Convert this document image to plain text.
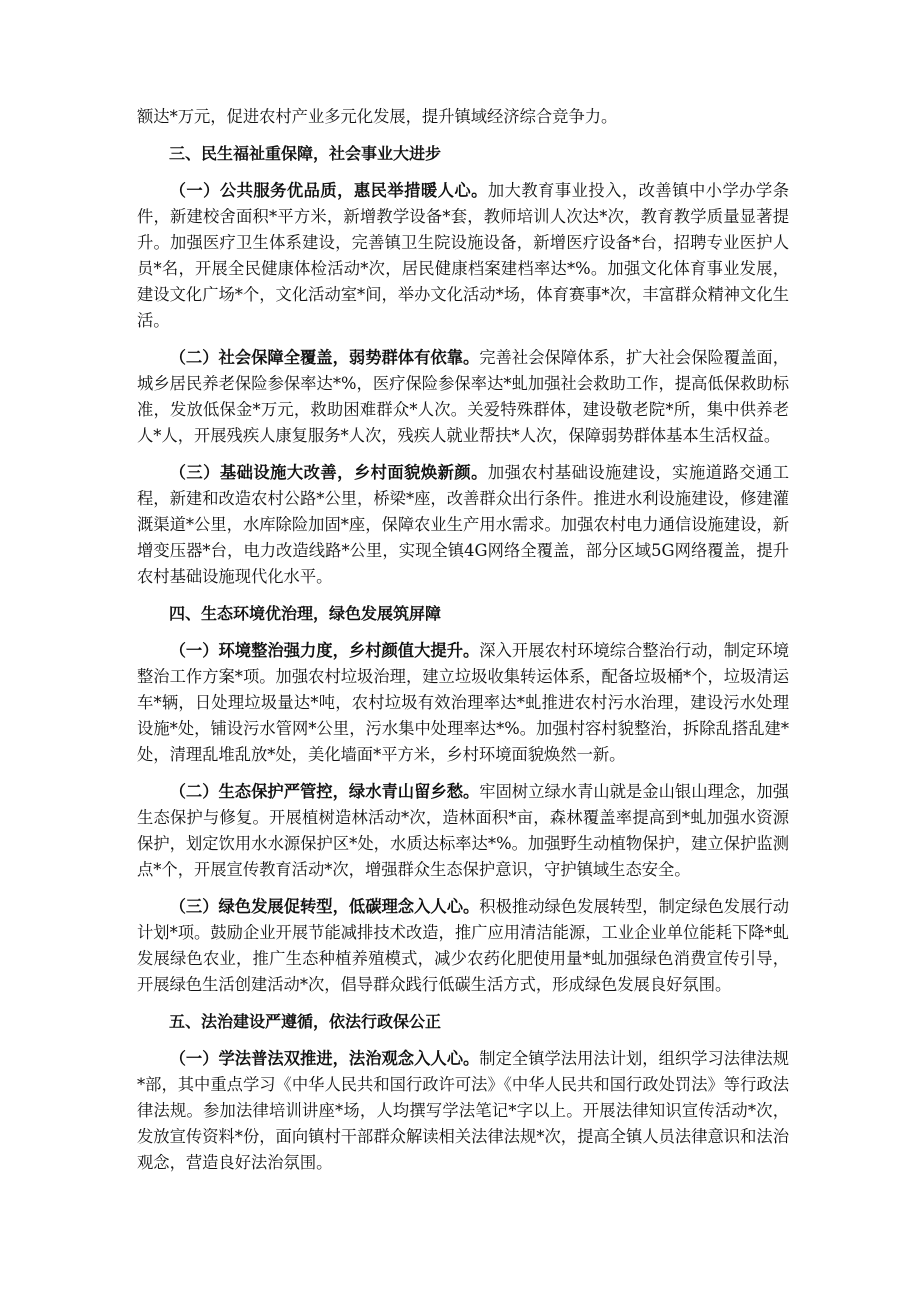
额达*万元，促进农村产业多元化发展，提升镇域经济综合竞争力。

三、民生福祉重保障，社会事业大进步

（一）公共服务优品质，惠民举措暖人心。加大教育事业投入，改善镇中小学办学条件，新建校舍面积*平方米，新增教学设备*套，教师培训人次达*次，教育教学质量显著提升。加强医疗卫生体系建设，完善镇卫生院设施设备，新增医疗设备*台，招聘专业医护人员*名，开展全民健康体检活动*次，居民健康档案建档率达*%。加强文化体育事业发展，建设文化广场*个，文化活动室*间，举办文化活动*场，体育赛事*次，丰富群众精神文化生活。

（二）社会保障全覆盖，弱势群体有依靠。完善社会保障体系，扩大社会保险覆盖面，城乡居民养老保险参保率达*%，医疗保险参保率达*虬加强社会救助工作，提高低保救助标准，发放低保金*万元，救助困难群众*人次。关爱特殊群体，建设敬老院*所，集中供养老人*人，开展残疾人康复服务*人次，残疾人就业帮扶*人次，保障弱势群体基本生活权益。

（三）基础设施大改善，乡村面貌焕新颜。加强农村基础设施建设，实施道路交通工程，新建和改造农村公路*公里，桥梁*座，改善群众出行条件。推进水利设施建设，修建灌溉渠道*公里，水库除险加固*座，保障农业生产用水需求。加强农村电力通信设施建设，新增变压器*台，电力改造线路*公里，实现全镇4G网络全覆盖，部分区域5G网络覆盖，提升农村基础设施现代化水平。

四、生态环境优治理，绿色发展筑屏障

（一）环境整治强力度，乡村颜值大提升。深入开展农村环境综合整治行动，制定环境整治工作方案*项。加强农村垃圾治理，建立垃圾收集转运体系，配备垃圾桶*个，垃圾清运车*辆，日处理垃圾量达*吨，农村垃圾有效治理率达*虬推进农村污水治理，建设污水处理设施*处，铺设污水管网*公里，污水集中处理率达*%。加强村容村貌整治，拆除乱搭乱建*处，清理乱堆乱放*处，美化墙面*平方米，乡村环境面貌焕然一新。

（二）生态保护严管控，绿水青山留乡愁。牢固树立绿水青山就是金山银山理念，加强生态保护与修复。开展植树造林活动*次，造林面积*亩，森林覆盖率提高到*虬加强水资源保护，划定饮用水水源保护区*处，水质达标率达*%。加强野生动植物保护，建立保护监测点*个，开展宣传教育活动*次，增强群众生态保护意识，守护镇域生态安全。

（三）绿色发展促转型，低碳理念入人心。积极推动绿色发展转型，制定绿色发展行动计划*项。鼓励企业开展节能减排技术改造，推广应用清洁能源，工业企业单位能耗下降*虬发展绿色农业，推广生态种植养殖模式，减少农药化肥使用量*虬加强绿色消费宣传引导，开展绿色生活创建活动*次，倡导群众践行低碳生活方式，形成绿色发展良好氛围。

五、法治建设严遵循，依法行政保公正

（一）学法普法双推进，法治观念入人心。制定全镇学法用法计划，组织学习法律法规*部，其中重点学习《中华人民共和国行政许可法》《中华人民共和国行政处罚法》等行政法律法规。参加法律培训讲座*场，人均撰写学法笔记*字以上。开展法律知识宣传活动*次，发放宣传资料*份，面向镇村干部群众解读相关法律法规*次，提高全镇人员法律意识和法治观念，营造良好法治氛围。
